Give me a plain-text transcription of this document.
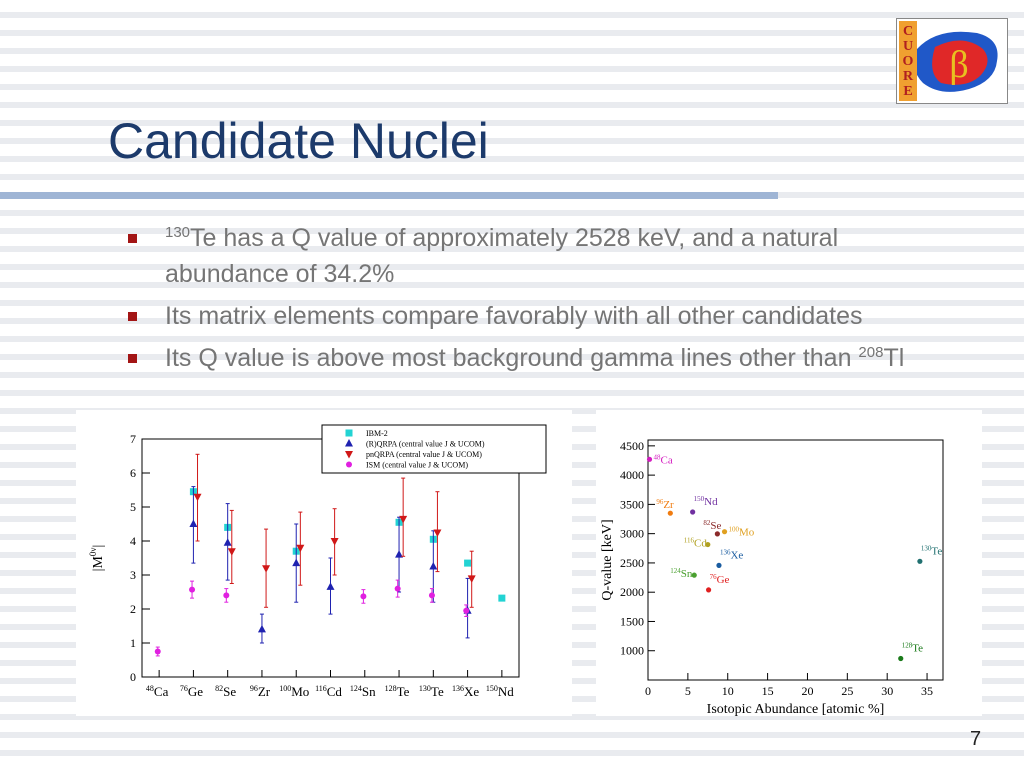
β
C
U
O
R
E
Candidate Nuclei
$^{130}$Te has a Q value of approximately 2528 keV, and a natural
abundance of 34.2%
Its matrix elements compare favorably with all other candidates
Its Q value is above most background gamma lines other than $^{208}$Tl
0
1
2
3
4
5
6
7
$^{48}$Ca $^{76}$Ge $^{82}$Se $^{96}$Zr $^{100}$Mo $^{116}$Cd $^{124}$Sn $^{128}$Te $^{130}$Te $^{136}$Xe $^{150}$Nd
$|M^{0\nu}|$
IBM-2
(R)QRPA (central value J & UCOM)
pnQRPA (central value J & UCOM)
ISM (central value J & UCOM)
0	5	10 15 20 25 30 35
1000
1500
2000
2500
3000
3500
4000
4500
Isotopic Abundance [atomic %]
Q-value [keV]
$^{48}$Ca
$^{96}$Zr
$^{150}$Nd
$^{82}$Se $^{100}$Mo
$^{116}$Cd
$^{136}$Xe
$^{124}$Sn $^{76}$Ge
$^{130}$Te
$^{128}$Te
7
